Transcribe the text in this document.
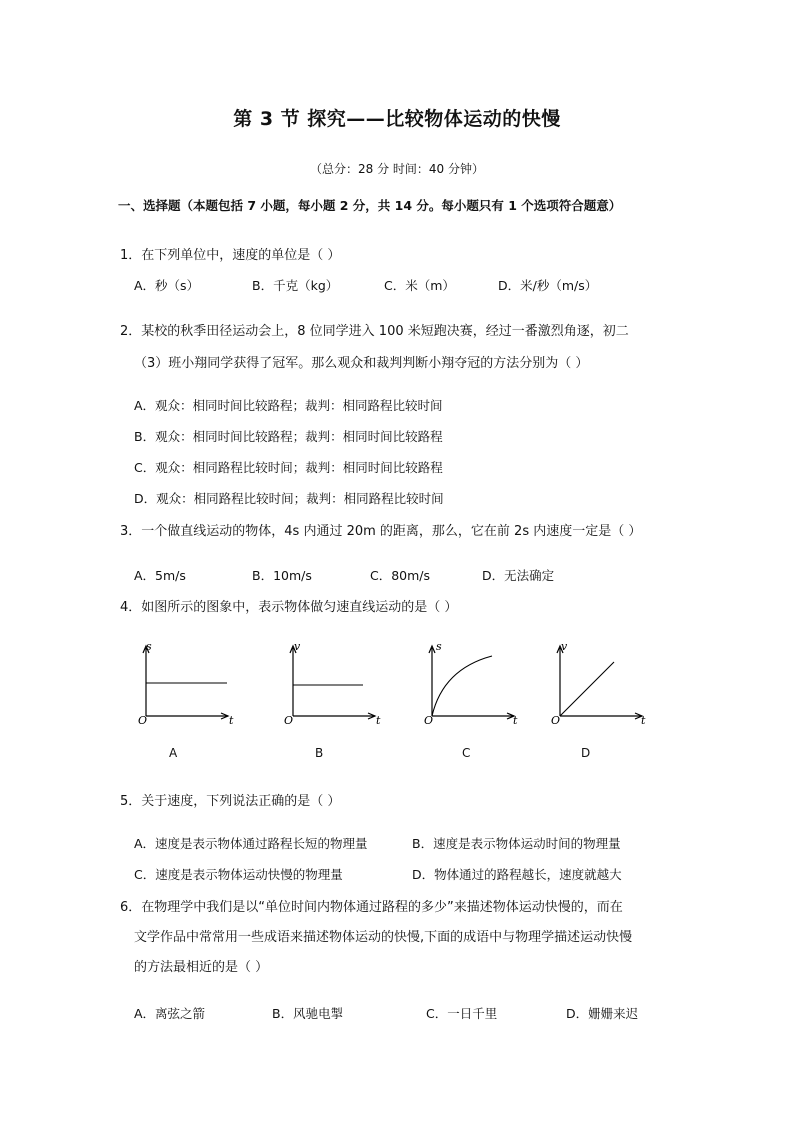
第 3 节 探究——比较物体运动的快慢
（总分：28 分 时间：40 分钟）
一、选择题（本题包括 7 小题，每小题 2 分，共 14 分。每小题只有 1 个选项符合题意）
1．在下列单位中，速度的单位是（ ）
A．秒（s）	B．千克（kg）	C．米（m）	D．米/秒（m/s）
2．某校的秋季田径运动会上，8 位同学进入 100 米短跑决赛，经过一番激烈角逐，初二
（3）班小翔同学获得了冠军。那么观众和裁判判断小翔夺冠的方法分别为（ ）
A．观众：相同时间比较路程；裁判：相同路程比较时间
B．观众：相同时间比较路程；裁判：相同时间比较路程
C．观众：相同路程比较时间；裁判：相同时间比较路程
D．观众：相同路程比较时间；裁判：相同路程比较时间
3．一个做直线运动的物体，4s 内通过 20m 的距离，那么，它在前 2s 内速度一定是（ ）
A．5m/s	B．10m/s	C．80m/s	D．无法确定
4．如图所示的图象中，表示物体做匀速直线运动的是（ ）
s
t
O
A
v
t
O
B
s
t
O
C
v
t
O
D
5．关于速度，下列说法正确的是（ ）
A．速度是表示物体通过路程长短的物理量	B．速度是表示物体运动时间的物理量
C．速度是表示物体运动快慢的物理量	D．物体通过的路程越长，速度就越大
6．在物理学中我们是以“单位时间内物体通过路程的多少”来描述物体运动快慢的，而在
文学作品中常常用一些成语来描述物体运动的快慢,下面的成语中与物理学描述运动快慢
的方法最相近的是（ ）
A．离弦之箭	B．风驰电掣	C．一日千里	D．姗姗来迟
